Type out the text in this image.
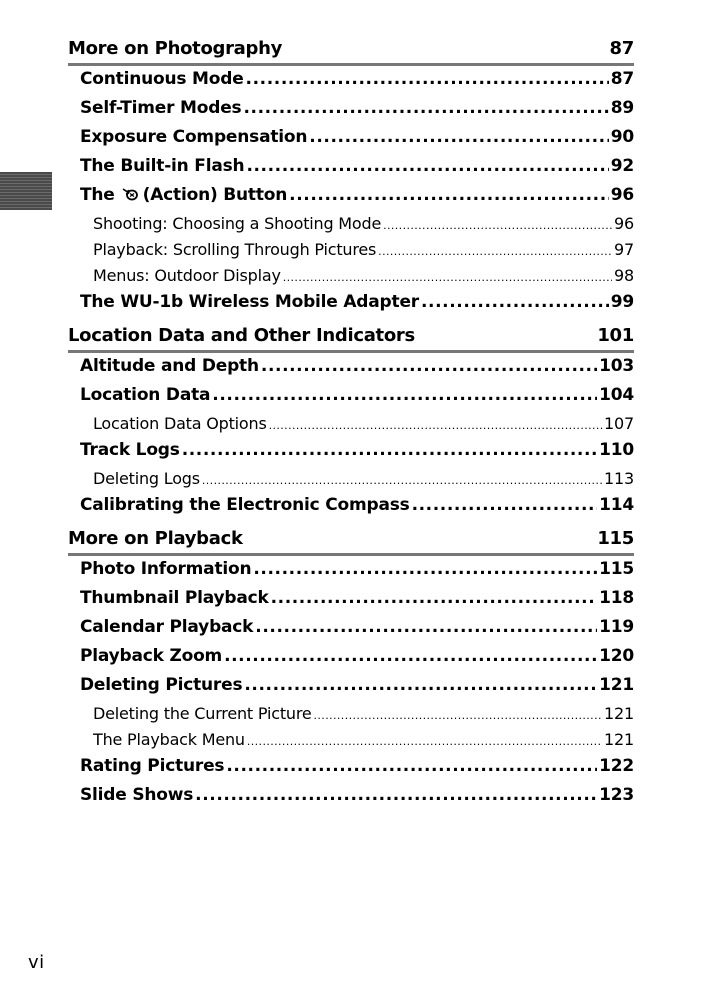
More on Photography	87
Continuous Mode .....	87
Self-Timer Modes .....	89
Exposure Compensation .....	90
The Built-in Flash .....	92
The (Action) Button .....	96
Shooting: Choosing a Shooting Mode .....	96
Playback: Scrolling Through Pictures .....	97
Menus: Outdoor Display .....	98
The WU-1b Wireless Mobile Adapter .....	99
Location Data and Other Indicators	101
Altitude and Depth .....	103
Location Data .....	104
Location Data Options .....	107
Track Logs .....	110
Deleting Logs .....	113
Calibrating the Electronic Compass .....	114
More on Playback	115
Photo Information .....	115
Thumbnail Playback .....	118
Calendar Playback .....	119
Playback Zoom .....	120
Deleting Pictures .....	121
Deleting the Current Picture .....	121
The Playback Menu .....	121
Rating Pictures .....	122
Slide Shows .....	123
vi
